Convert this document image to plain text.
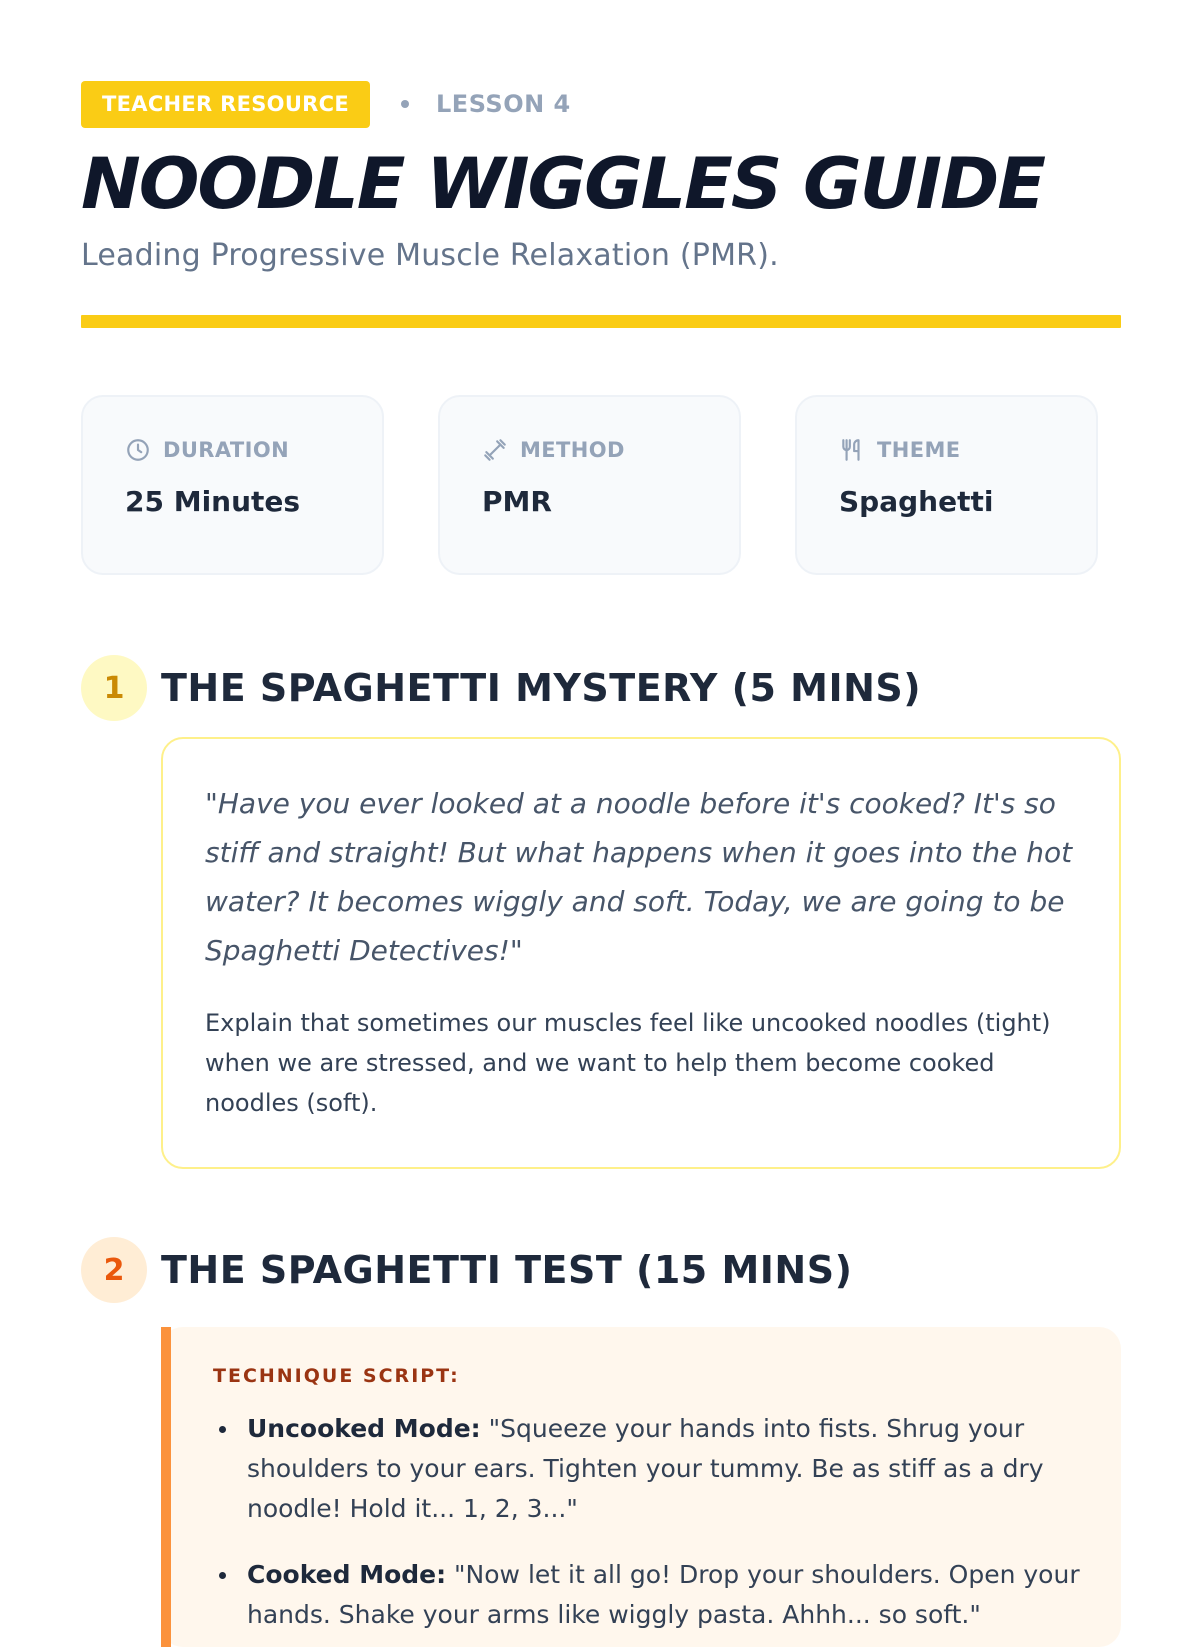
TEACHER RESOURCE	LESSON 4
NOODLE WIGGLES GUIDE
Leading Progressive Muscle Relaxation (PMR).
DURATION
25 Minutes
METHOD
PMR
THEME
Spaghetti
1 THE SPAGHETTI MYSTERY (5 MINS)

"Have you ever looked at a noodle before it's cooked? It's so stiff and straight! But what happens when it goes into the hot water? It becomes wiggly and soft. Today, we are going to be Spaghetti Detectives!"

Explain that sometimes our muscles feel like uncooked noodles (tight) when we are stressed, and we want to help them become cooked noodles (soft).

2 THE SPAGHETTI TEST (15 MINS)
TECHNIQUE SCRIPT:
Uncooked Mode: "Squeeze your hands into fists. Shrug your shoulders to your ears. Tighten your tummy. Be as stiff as a dry noodle! Hold it... 1, 2, 3..."
Cooked Mode: "Now let it all go! Drop your shoulders. Open your hands. Shake your arms like wiggly pasta. Ahhh... so soft."
